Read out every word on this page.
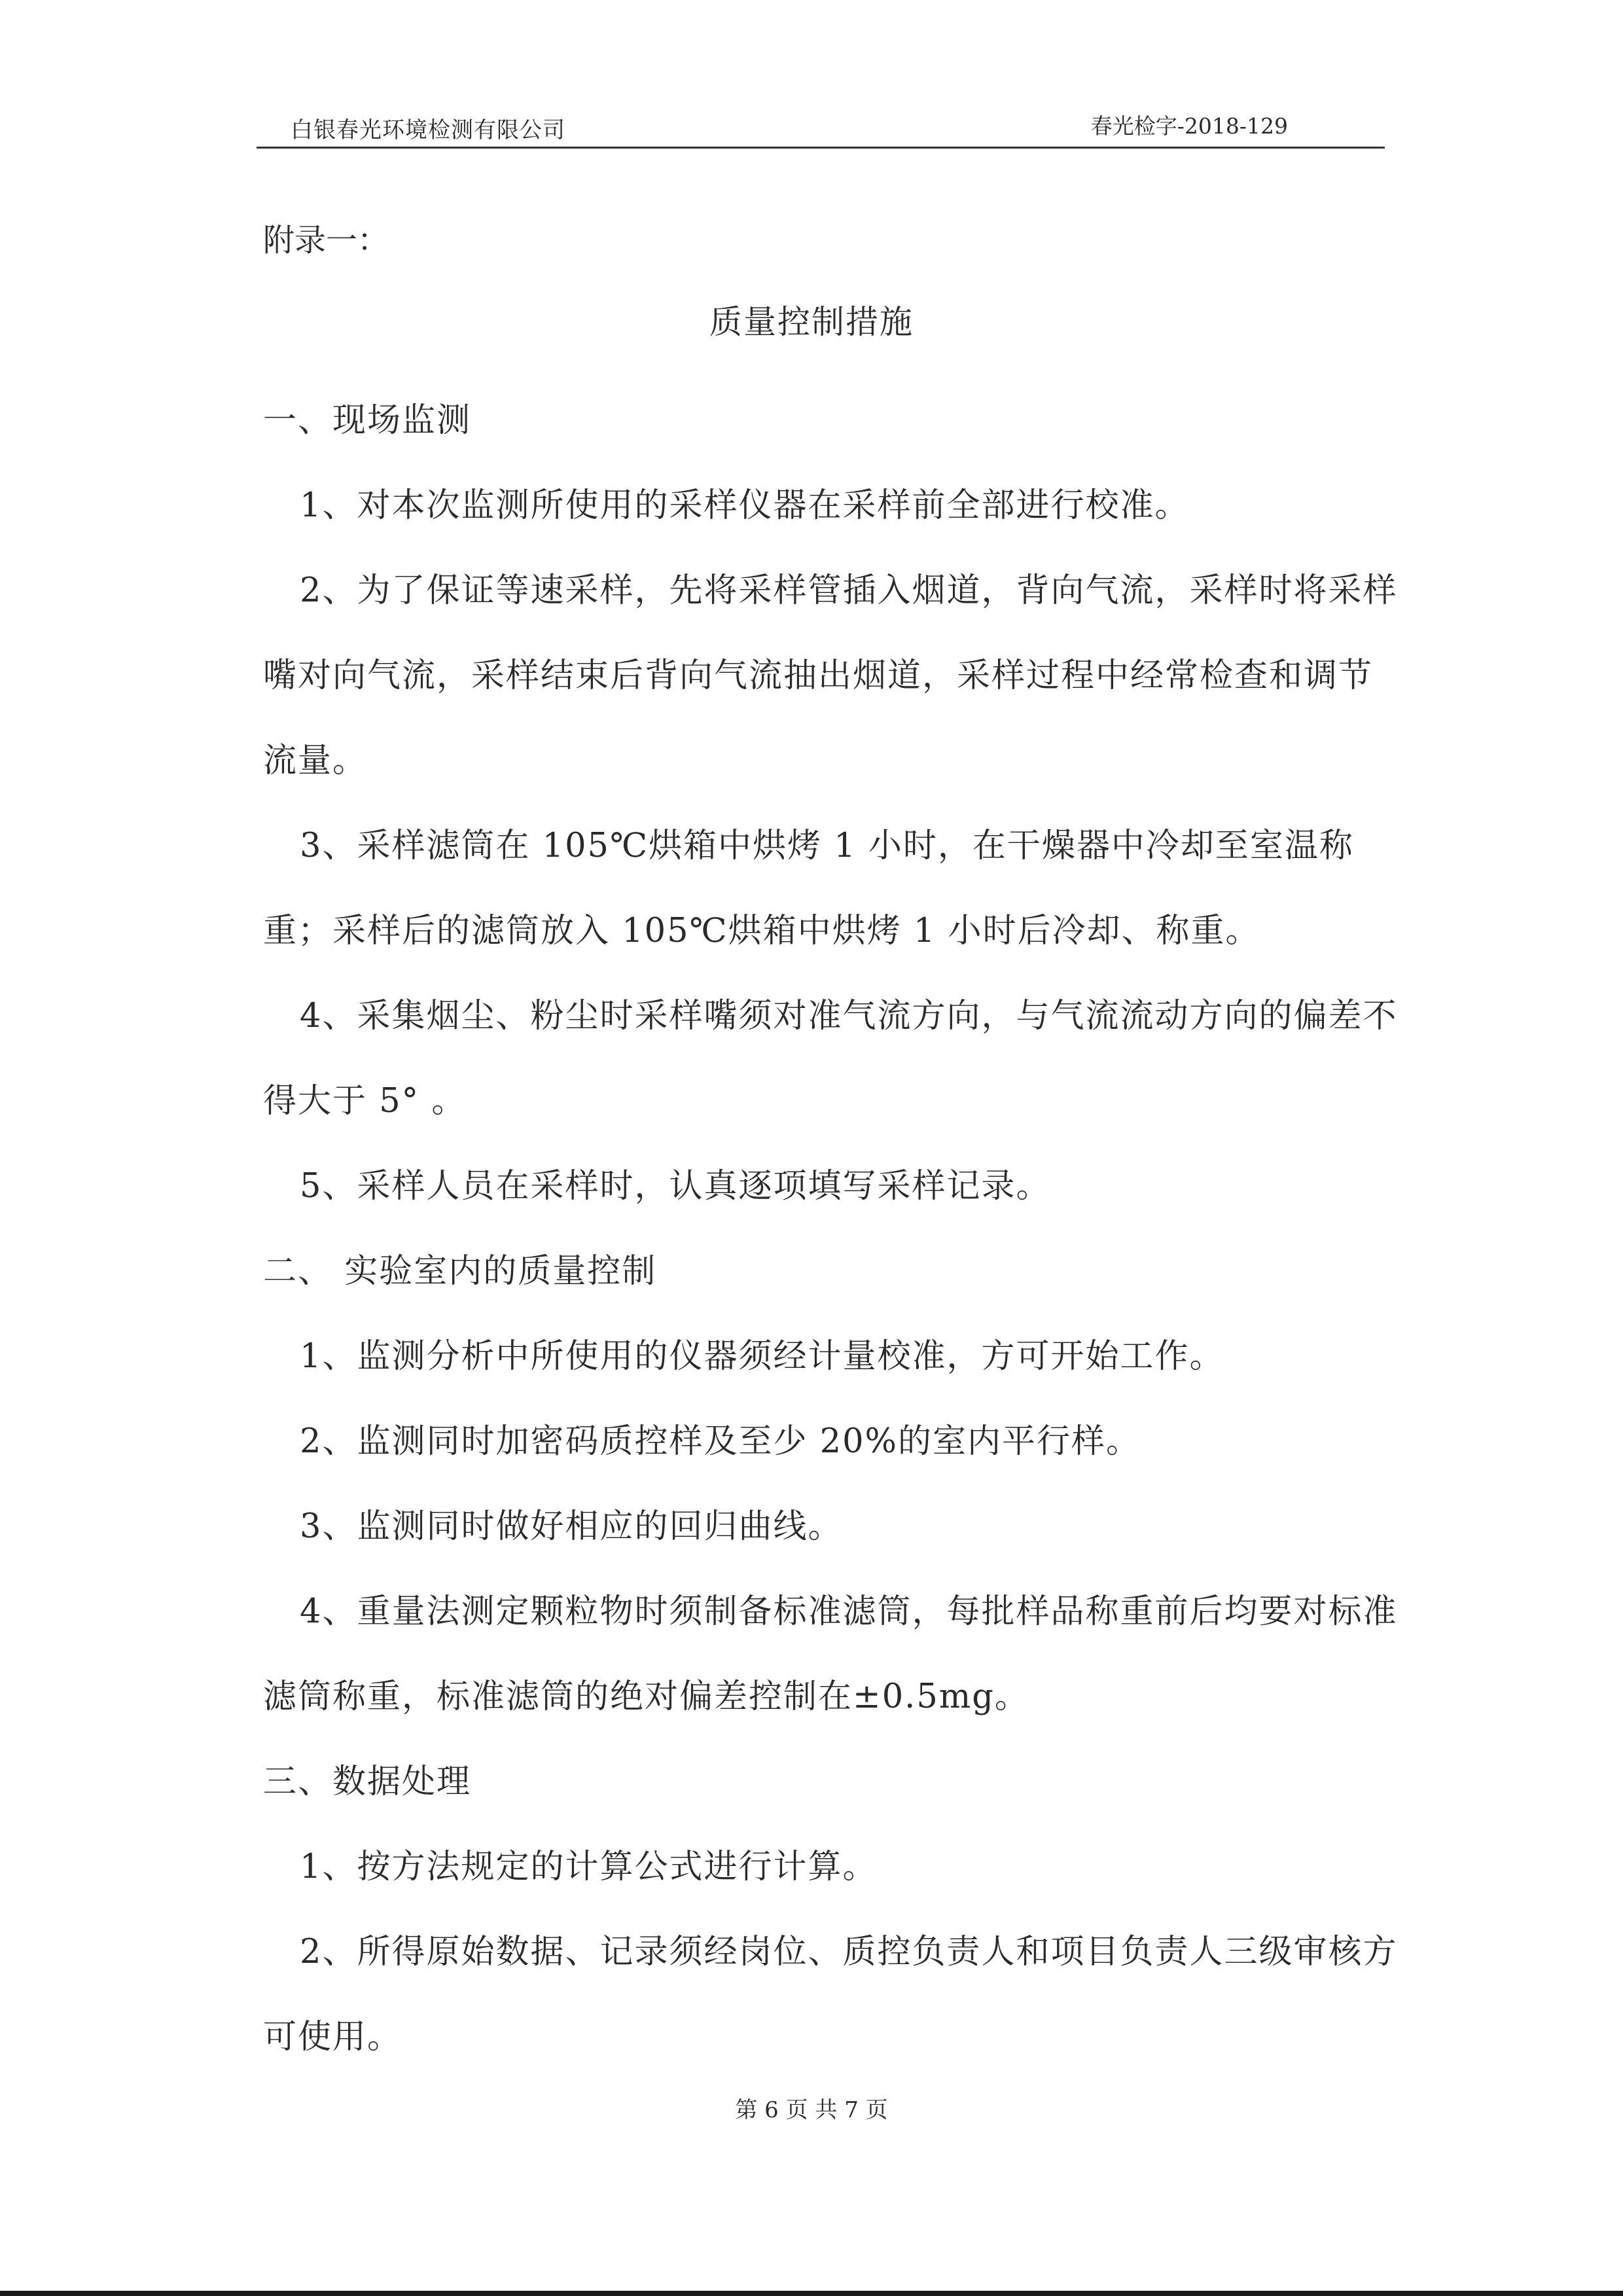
白银春光环境检测有限公司	春光检字-2018-129
附录一：
质量控制措施

一、现场监测

1、对本次监测所使用的采样仪器在采样前全部进行校准。

2、为了保证等速采样，先将采样管插入烟道，背向气流，采样时将采样嘴对向气流，采样结束后背向气流抽出烟道，采样过程中经常检查和调节流量。

3、采样滤筒在 105℃烘箱中烘烤 1 小时，在干燥器中冷却至室温称重；采样后的滤筒放入 105℃烘箱中烘烤 1 小时后冷却、称重。

4、采集烟尘、粉尘时采样嘴须对准气流方向，与气流流动方向的偏差不得大于 5° 。

5、采样人员在采样时，认真逐项填写采样记录。

二、 实验室内的质量控制

1、监测分析中所使用的仪器须经计量校准，方可开始工作。

2、监测同时加密码质控样及至少 20%的室内平行样。

3、监测同时做好相应的回归曲线。

4、重量法测定颗粒物时须制备标准滤筒，每批样品称重前后均要对标准滤筒称重，标准滤筒的绝对偏差控制在±0.5mg。

三、数据处理

1、按方法规定的计算公式进行计算。

2、所得原始数据、记录须经岗位、质控负责人和项目负责人三级审核方可使用。

第 6 页 共 7 页
